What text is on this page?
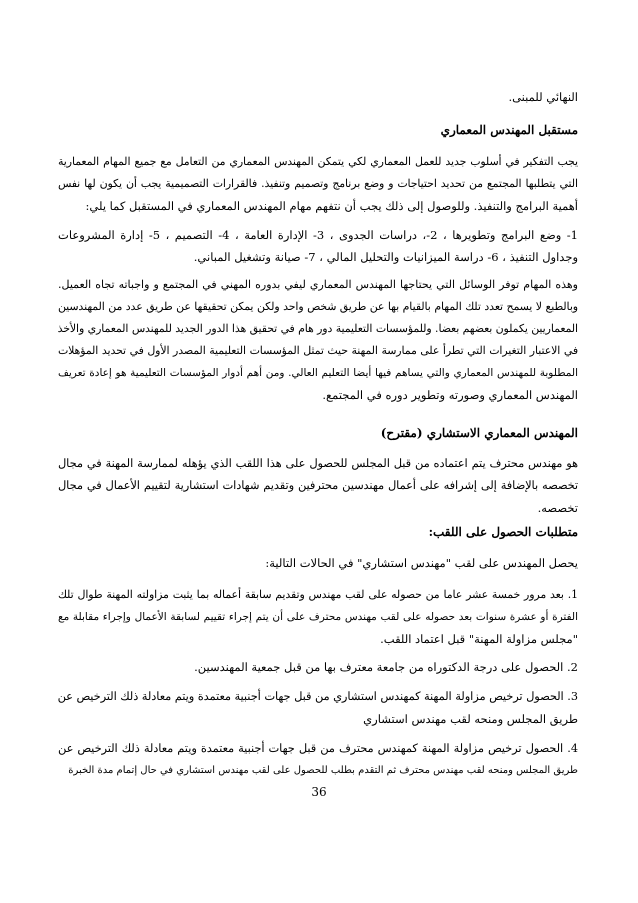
النهائي للمبنى.

مستقبل المهندس المعماري

يجب التفكير في أسلوب جديد للعمل المعماري لكي يتمكن المهندس المعماري من التعامل مع جميع المهام المعمارية
التي يتطلبها المجتمع من تحديد احتياجات و وضع برنامج وتصميم وتنفيذ. فالقرارات التصميمية يجب أن يكون لها نفس
أهمية البرامج والتنفيذ. وللوصول إلى ذلك يجب أن نتفهم مهام المهندس المعماري في المستقبل كما يلي:

1- وضع البرامج وتطويرها ، 2-، دراسات الجدوى ، 3- الإدارة العامة ، 4- التصميم ، 5- إدارة المشروعات
وجداول التنفيذ ، 6- دراسة الميزانيات والتحليل المالي ، 7- صيانة وتشغيل المباني.

وهذه المهام توفر الوسائل التي يحتاجها المهندس المعماري ليفي بدوره المهني في المجتمع و واجباته تجاه العميل.
وبالطبع لا يسمح تعدد تلك المهام بالقيام بها عن طريق شخص واحد ولكن يمكن تحقيقها عن طريق عدد من المهندسين
المعماريين يكملون بعضهم بعضا. وللمؤسسات التعليمية دور هام في تحقيق هذا الدور الجديد للمهندس المعماري والأخذ
في الاعتبار التغيرات التي تطرأ على ممارسة المهنة حيث تمثل المؤسسات التعليمية المصدر الأول في تحديد المؤهلات
المطلوبة للمهندس المعماري والتي يساهم فيها أيضا التعليم العالي. ومن أهم أدوار المؤسسات التعليمية هو إعادة تعريف
المهندس المعماري وصورته وتطوير دوره في المجتمع.

المهندس المعماري الاستشاري (مقترح)

هو مهندس محترف يتم اعتماده من قبل المجلس للحصول على هذا اللقب الذي يؤهله لممارسة المهنة في مجال
تخصصه بالإضافة إلى إشرافه على أعمال مهندسين محترفين وتقديم شهادات استشارية لتقييم الأعمال في مجال
تخصصه.

متطلبات الحصول على اللقب:

يحصل المهندس على لقب "مهندس استشاري" في الحالات التالية:

1. بعد مرور خمسة عشر عاما من حصوله على لقب مهندس وتقديم سابقة أعماله بما يثبت مزاولته المهنة طوال تلك
الفترة أو عشرة سنوات بعد حصوله على لقب مهندس محترف على أن يتم إجراء تقييم لسابقة الأعمال وإجراء مقابلة مع
"مجلس مزاولة المهنة" قبل اعتماد اللقب.

2. الحصول على درجة الدكتوراه من جامعة معترف بها من قبل جمعية المهندسين.

3. الحصول ترخيص مزاولة المهنة كمهندس استشاري من قبل جهات أجنبية معتمدة ويتم معادلة ذلك الترخيص عن
طريق المجلس ومنحه لقب مهندس استشاري

4. الحصول ترخيص مزاولة المهنة كمهندس محترف من قبل جهات أجنبية معتمدة ويتم معادلة ذلك الترخيص عن
طريق المجلس ومنحه لقب مهندس محترف ثم التقدم بطلب للحصول على لقب مهندس استشاري في حال إتمام مدة الخبرة

36
